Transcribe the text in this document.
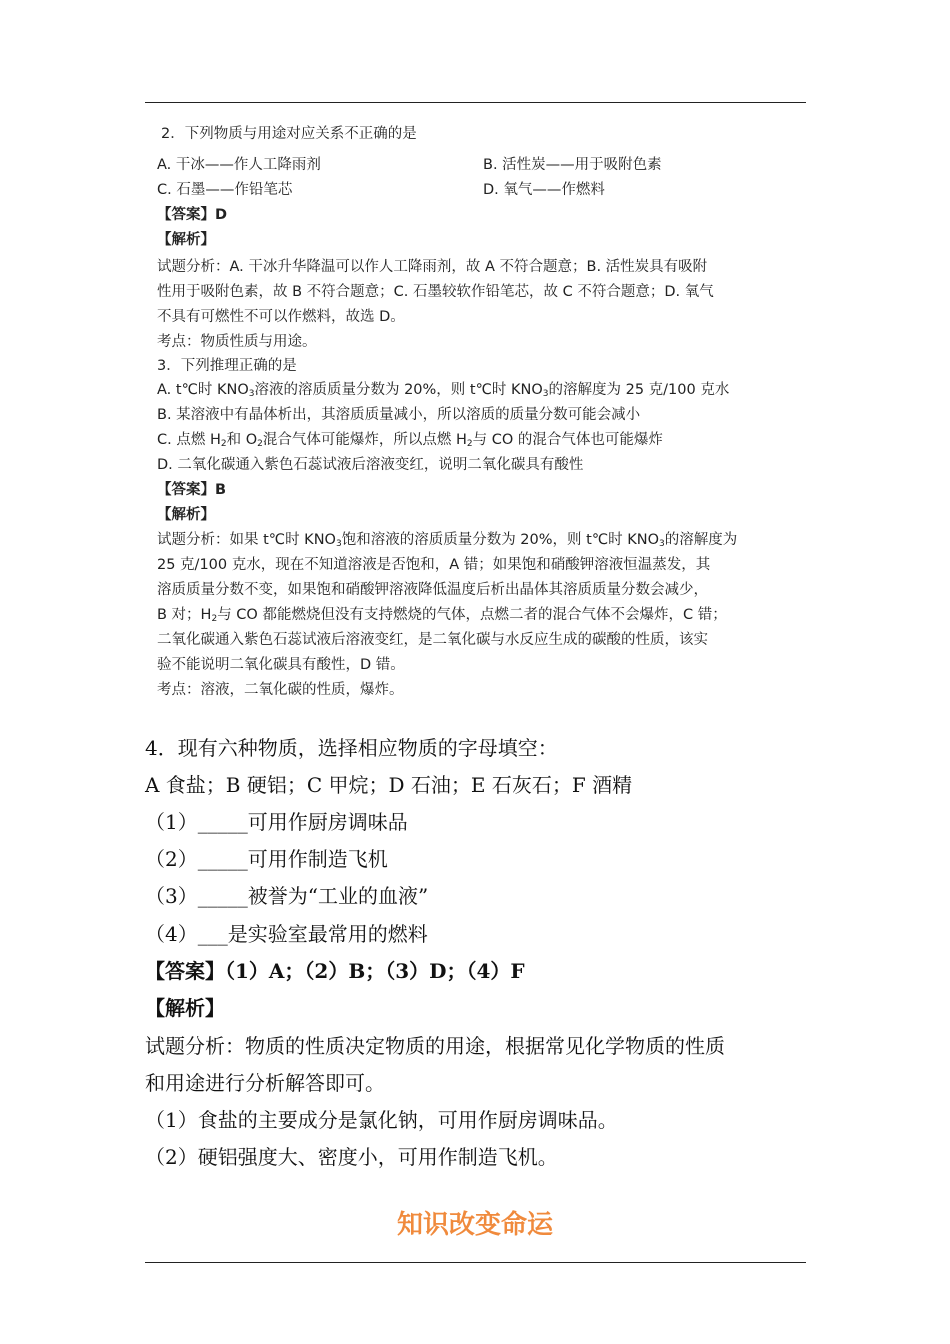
2．下列物质与用途对应关系不正确的是
A. 干冰——作人工降雨剂	B. 活性炭——用于吸附色素
C. 石墨——作铅笔芯	D. 氧气——作燃料
【答案】D
【解析】
试题分析：A. 干冰升华降温可以作人工降雨剂，故 A 不符合题意；B. 活性炭具有吸附
性用于吸附色素，故 B 不符合题意；C. 石墨较软作铅笔芯，故 C 不符合题意；D. 氧气
不具有可燃性不可以作燃料，故选 D。
考点：物质性质与用途。
3．下列推理正确的是
A. t℃时 $KNO_3$溶液的溶质质量分数为 20%，则 t℃时 $KNO_3$的溶解度为 25 克/100 克水
B. 某溶液中有晶体析出，其溶质质量减小，所以溶质的质量分数可能会减小
C. 点燃 $H_2$和 $O_2$混合气体可能爆炸，所以点燃 $H_2$与 CO 的混合气体也可能爆炸
D. 二氧化碳通入紫色石蕊试液后溶液变红，说明二氧化碳具有酸性
【答案】B
【解析】
试题分析：如果 t℃时 $KNO_3$饱和溶液的溶质质量分数为 20%，则 t℃时 $KNO_3$的溶解度为
25 克/100 克水，现在不知道溶液是否饱和，A 错；如果饱和硝酸钾溶液恒温蒸发，其
溶质质量分数不变，如果饱和硝酸钾溶液降低温度后析出晶体其溶质质量分数会减少，
B 对；$H_2$与 CO 都能燃烧但没有支持燃烧的气体，点燃二者的混合气体不会爆炸，C 错；
二氧化碳通入紫色石蕊试液后溶液变红，是二氧化碳与水反应生成的碳酸的性质，该实
验不能说明二氧化碳具有酸性，D 错。
考点：溶液，二氧化碳的性质，爆炸。
4．现有六种物质，选择相应物质的字母填空：
A 食盐；B 硬铝；C 甲烷；D 石油；E 石灰石；F 酒精
（1）_____可用作厨房调味品
（2）_____可用作制造飞机
（3）_____被誉为“工业的血液”
（4）___是实验室最常用的燃料
【答案】（1）A；（2）B；（3）D；（4）F
【解析】
试题分析：物质的性质决定物质的用途，根据常见化学物质的性质
和用途进行分析解答即可。
（1）食盐的主要成分是氯化钠，可用作厨房调味品。
（2）硬铝强度大、密度小，可用作制造飞机。
知识改变命运
